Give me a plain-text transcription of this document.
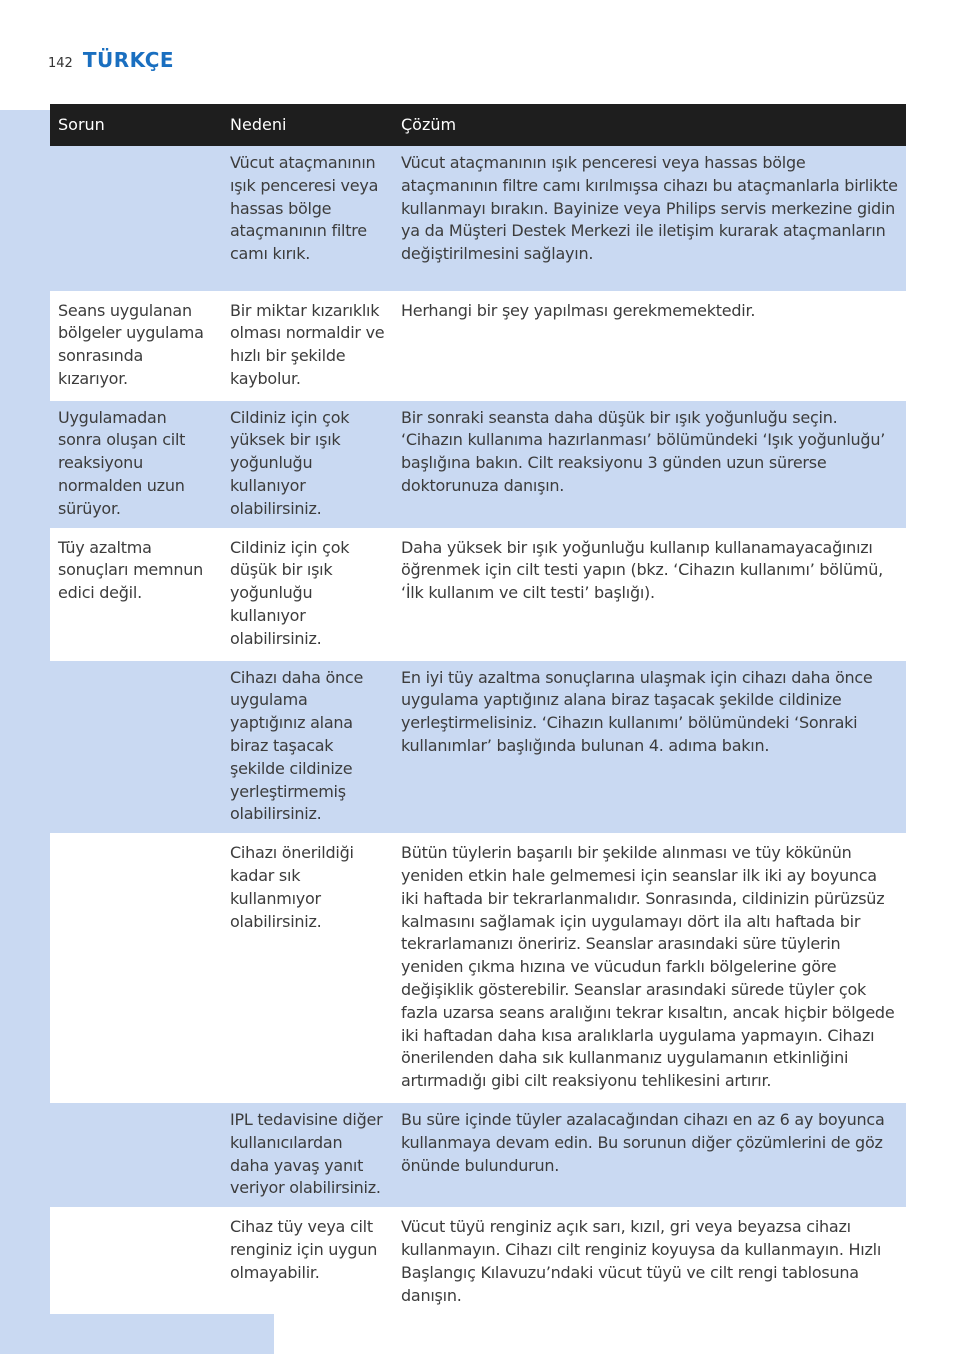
142 TÜRKÇE
Sorun	Nedeni	Çözüm
	Vücut ataçmanının ışık penceresi veya hassas bölge ataçmanının filtre camı kırık.	Vücut ataçmanının ışık penceresi veya hassas bölge ataçmanının filtre camı kırılmışsa cihazı bu ataçmanlarla birlikte kullanmayı bırakın. Bayinize veya Philips servis merkezine gidin ya da Müşteri Destek Merkezi ile iletişim kurarak ataçmanların değiştirilmesini sağlayın.
Seans uygulanan bölgeler uygulama sonrasında kızarıyor.	Bir miktar kızarıklık olması normaldir ve hızlı bir şekilde kaybolur.	Herhangi bir şey yapılması gerekmemektedir.
Uygulamadan sonra oluşan cilt reaksiyonu normalden uzun sürüyor.	Cildiniz için çok yüksek bir ışık yoğunluğu kullanıyor olabilirsiniz.	Bir sonraki seansta daha düşük bir ışık yoğunluğu seçin. ‘Cihazın kullanıma hazırlanması’ bölümündeki ‘Işık yoğunluğu’ başlığına bakın. Cilt reaksiyonu 3 günden uzun sürerse doktorunuza danışın.
Tüy azaltma sonuçları memnun edici değil.	Cildiniz için çok düşük bir ışık yoğunluğu kullanıyor olabilirsiniz.	Daha yüksek bir ışık yoğunluğu kullanıp kullanamayacağınızı öğrenmek için cilt testi yapın (bkz. ‘Cihazın kullanımı’ bölümü, ‘İlk kullanım ve cilt testi’ başlığı).
	Cihazı daha önce uygulama yaptığınız alana biraz taşacak şekilde cildinize yerleştirmemiş olabilirsiniz.	En iyi tüy azaltma sonuçlarına ulaşmak için cihazı daha önce uygulama yaptığınız alana biraz taşacak şekilde cildinize yerleştirmelisiniz. ‘Cihazın kullanımı’ bölümündeki ‘Sonraki kullanımlar’ başlığında bulunan 4. adıma bakın.
	Cihazı önerildiği kadar sık kullanmıyor olabilirsiniz.	Bütün tüylerin başarılı bir şekilde alınması ve tüy kökünün yeniden etkin hale gelmemesi için seanslar ilk iki ay boyunca iki haftada bir tekrarlanmalıdır. Sonrasında, cildinizin pürüzsüz kalmasını sağlamak için uygulamayı dört ila altı haftada bir tekrarlamanızı öneririz. Seanslar arasındaki süre tüylerin yeniden çıkma hızına ve vücudun farklı bölgelerine göre değişiklik gösterebilir. Seanslar arasındaki sürede tüyler çok fazla uzarsa seans aralığını tekrar kısaltın, ancak hiçbir bölgede iki haftadan daha kısa aralıklarla uygulama yapmayın. Cihazı önerilenden daha sık kullanmanız uygulamanın etkinliğini artırmadığı gibi cilt reaksiyonu tehlikesini artırır.
	IPL tedavisine diğer kullanıcılardan daha yavaş yanıt veriyor olabilirsiniz.	Bu süre içinde tüyler azalacağından cihazı en az 6 ay boyunca kullanmaya devam edin. Bu sorunun diğer çözümlerini de göz önünde bulundurun.
	Cihaz tüy veya cilt renginiz için uygun olmayabilir.	Vücut tüyü renginiz açık sarı, kızıl, gri veya beyazsa cihazı kullanmayın. Cihazı cilt renginiz koyuysa da kullanmayın. Hızlı Başlangıç Kılavuzu’ndaki vücut tüyü ve cilt rengi tablosuna danışın.
